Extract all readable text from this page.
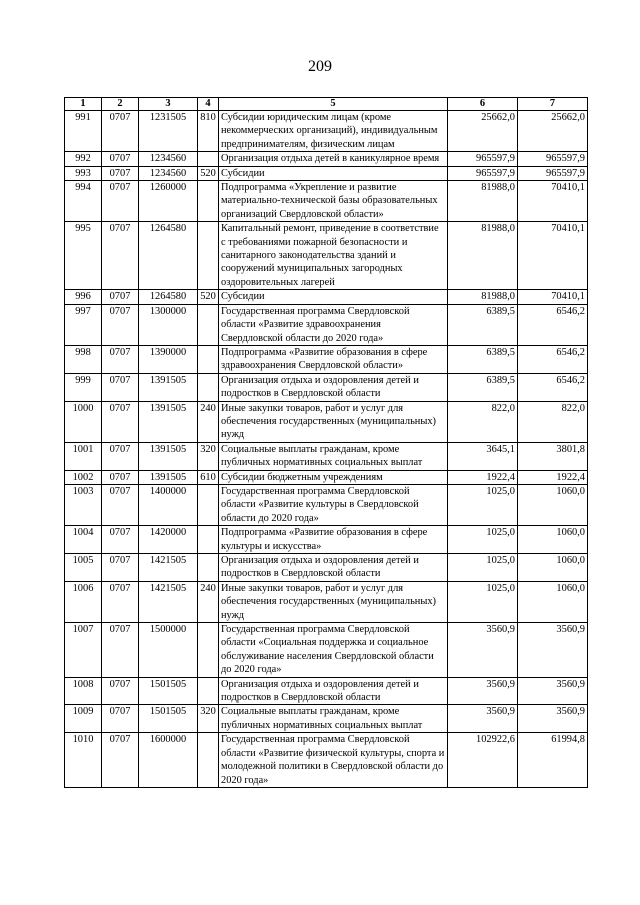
209
1	2	3	4	5	6	7
991	0707	1231505	810	Субсидии юридическим лицам (кроме некоммерческих организаций), индивидуальным предпринимателям, физическим лицам	25662,0	25662,0
992	0707	1234560		Организация отдыха детей в каникулярное время	965597,9	965597,9
993	0707	1234560	520	Субсидии	965597,9	965597,9
994	0707	1260000		Подпрограмма «Укрепление и развитие материально-технической базы образовательных организаций Свердловской области»	81988,0	70410,1
995	0707	1264580		Капитальный ремонт, приведение в соответствие с требованиями пожарной безопасности и санитарного законодательства зданий и сооружений муниципальных загородных оздоровительных лагерей	81988,0	70410,1
996	0707	1264580	520	Субсидии	81988,0	70410,1
997	0707	1300000		Государственная программа Свердловской области «Развитие здравоохранения Свердловской области до 2020 года»	6389,5	6546,2
998	0707	1390000		Подпрограмма «Развитие образования в сфере здравоохранения Свердловской области»	6389,5	6546,2
999	0707	1391505		Организация отдыха и оздоровления детей и подростков в Свердловской области	6389,5	6546,2
1000	0707	1391505	240	Иные закупки товаров, работ и услуг для обеспечения государственных (муниципальных) нужд	822,0	822,0
1001	0707	1391505	320	Социальные выплаты гражданам, кроме публичных нормативных социальных выплат	3645,1	3801,8
1002	0707	1391505	610	Субсидии бюджетным учреждениям	1922,4	1922,4
1003	0707	1400000		Государственная программа Свердловской области «Развитие культуры в Свердловской области до 2020 года»	1025,0	1060,0
1004	0707	1420000		Подпрограмма «Развитие образования в сфере культуры и искусства»	1025,0	1060,0
1005	0707	1421505		Организация отдыха и оздоровления детей и подростков в Свердловской области	1025,0	1060,0
1006	0707	1421505	240	Иные закупки товаров, работ и услуг для обеспечения государственных (муниципальных) нужд	1025,0	1060,0
1007	0707	1500000		Государственная программа Свердловской области «Социальная поддержка и социальное обслуживание населения Свердловской области до 2020 года»	3560,9	3560,9
1008	0707	1501505		Организация отдыха и оздоровления детей и подростков в Свердловской области	3560,9	3560,9
1009	0707	1501505	320	Социальные выплаты гражданам, кроме публичных нормативных социальных выплат	3560,9	3560,9
1010	0707	1600000		Государственная программа Свердловской области «Развитие физической культуры, спорта и молодежной политики в Свердловской области до 2020 года»	102922,6	61994,8
